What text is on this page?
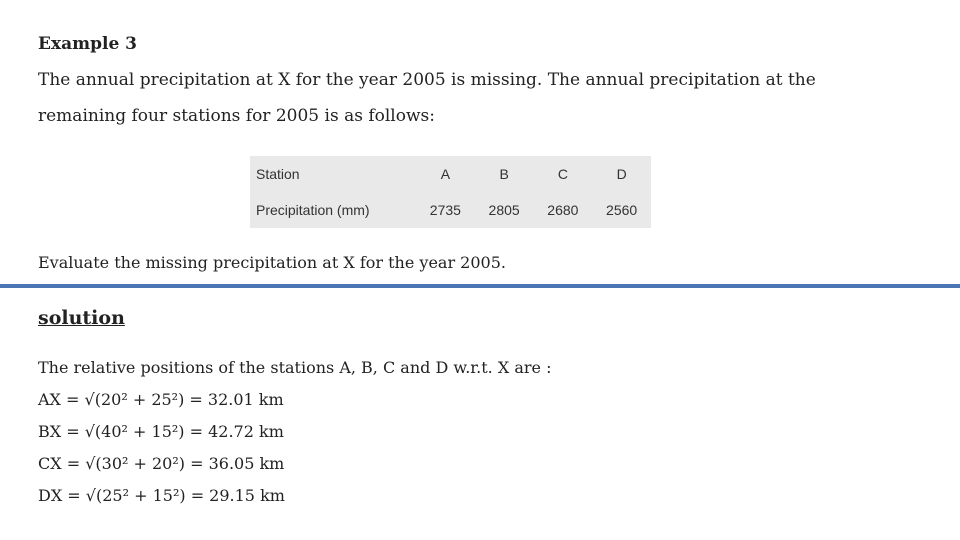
Example 3
The annual precipitation at X for the year 2005 is missing. The annual precipitation at the
remaining four stations for 2005 is as follows:
Station	A	B	C	D
Precipitation (mm)	2735	2805	2680	2560
Evaluate the missing precipitation at X for the year 2005.
solution
The relative positions of the stations A, B, C and D w.r.t. X are :
AX = √(20² + 25²) = 32.01 km
BX = √(40² + 15²) = 42.72 km
CX = √(30² + 20²) = 36.05 km
DX = √(25² + 15²) = 29.15 km
